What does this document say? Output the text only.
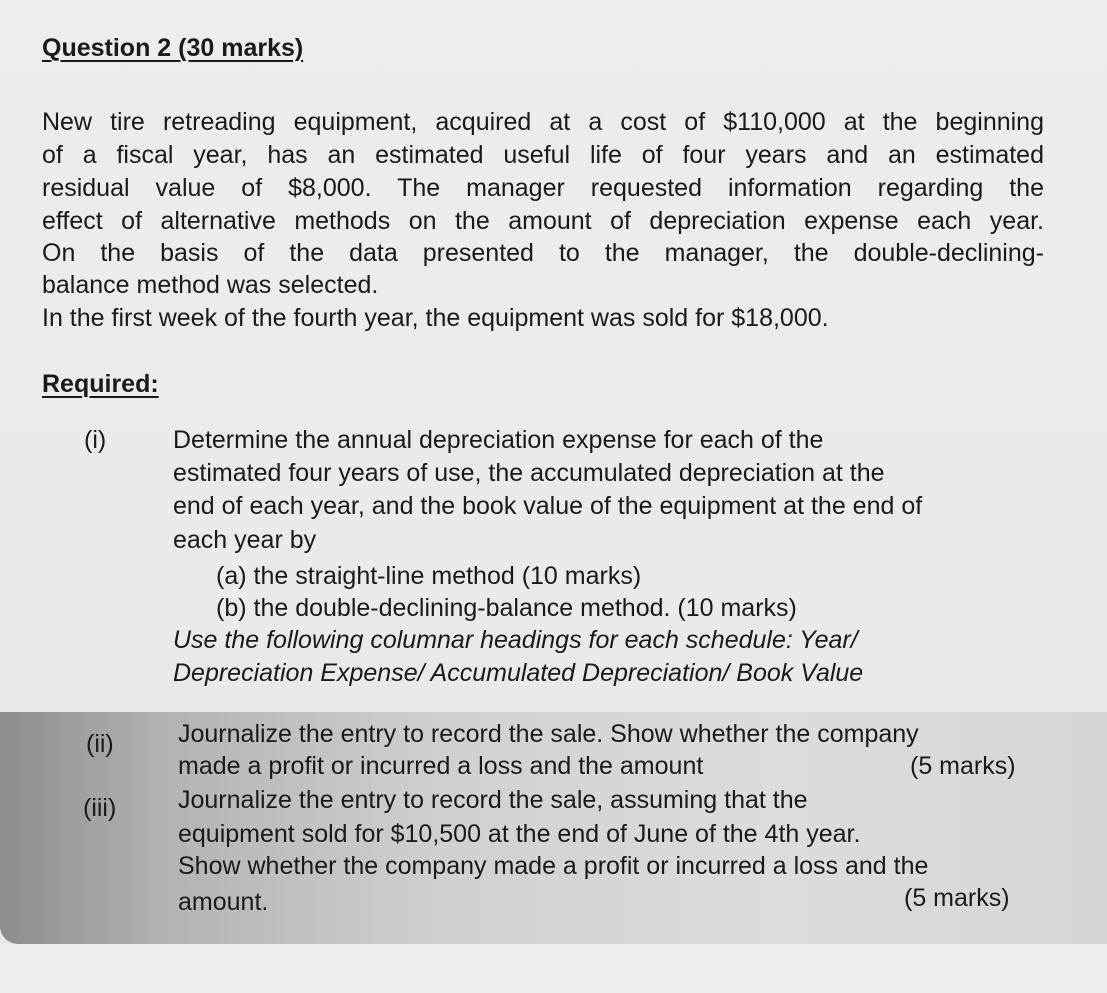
Question 2 (30 marks)
New tire retreading equipment, acquired at a cost of $110,000 at the beginning
of a fiscal year, has an estimated useful life of four years and an estimated
residual value of $8,000. The manager requested information regarding the
effect of alternative methods on the amount of depreciation expense each year.
On the basis of the data presented to the manager, the double-declining-
balance method was selected.
In the first week of the fourth year, the equipment was sold for $18,000.
Required:
(i)	Determine the annual depreciation expense for each of the
estimated four years of use, the accumulated depreciation at the
end of each year, and the book value of the equipment at the end of
each year by
(a) the straight-line method (10 marks)
(b) the double-declining-balance method. (10 marks)
Use the following columnar headings for each schedule: Year/
Depreciation Expense/ Accumulated Depreciation/ Book Value
(ii)	Journalize the entry to record the sale. Show whether the company
made a profit or incurred a loss and the amount	(5 marks)
(iii) Journalize the entry to record the sale, assuming that the
equipment sold for $10,500 at the end of June of the 4th year.
Show whether the company made a profit or incurred a loss and the
amount.	(5 marks)
